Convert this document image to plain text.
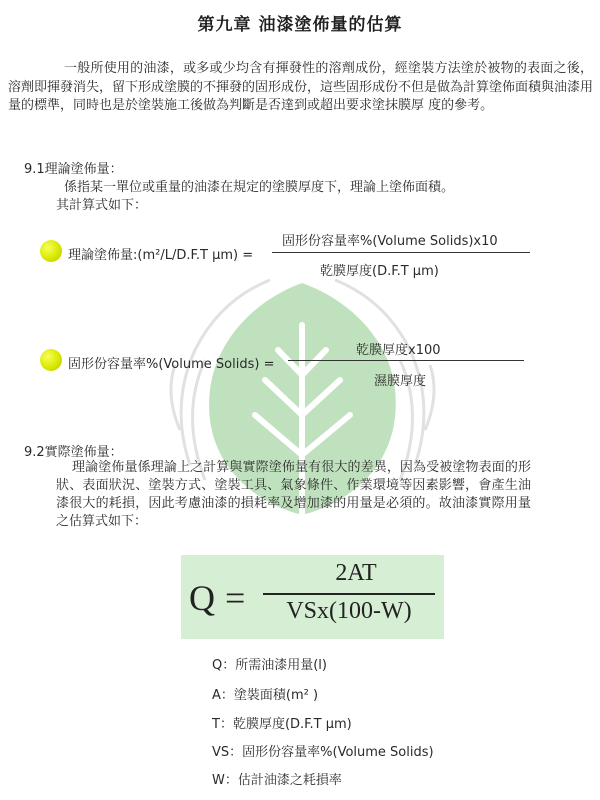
第九章 油漆塗佈量的估算

一般所使用的油漆，或多或少均含有揮發性的溶劑成份，經塗裝方法塗於被物的表面之後，溶劑即揮發消失，留下形成塗膜的不揮發的固形成份，這些固形成份不但是做為計算塗佈面積與油漆用量的標準，同時也是於塗裝施工後做為判斷是否達到或超出要求塗抹膜厚 度的參考。

9.1理論塗佈量：
係指某一單位或重量的油漆在規定的塗膜厚度下，理論上塗佈面積。
其計算式如下：
理論塗佈量:(m²/L/D.F.T μm) =
固形份容量率%(Volume Solids)x10
乾膜厚度(D.F.T μm)
固形份容量率%(Volume Solids) =
乾膜厚度x100
濕膜厚度
9.2實際塗佈量：

理論塗佈量係理論上之計算與實際塗佈量有很大的差異，因為受被塗物表面的形狀、表面狀況、塗裝方式、塗裝工具、氣象條件、作業環境等因素影響，會產生油漆很大的耗損，因此考慮油漆的損耗率及增加漆的用量是必須的。故油漆實際用量之估算式如下：

Q =
2AT
VSx(100-W)
Q：所需油漆用量(l)
A：塗裝面積(m² )
T：乾膜厚度(D.F.T μm)
VS：固形份容量率%(Volume Solids)
W：估計油漆之耗損率
